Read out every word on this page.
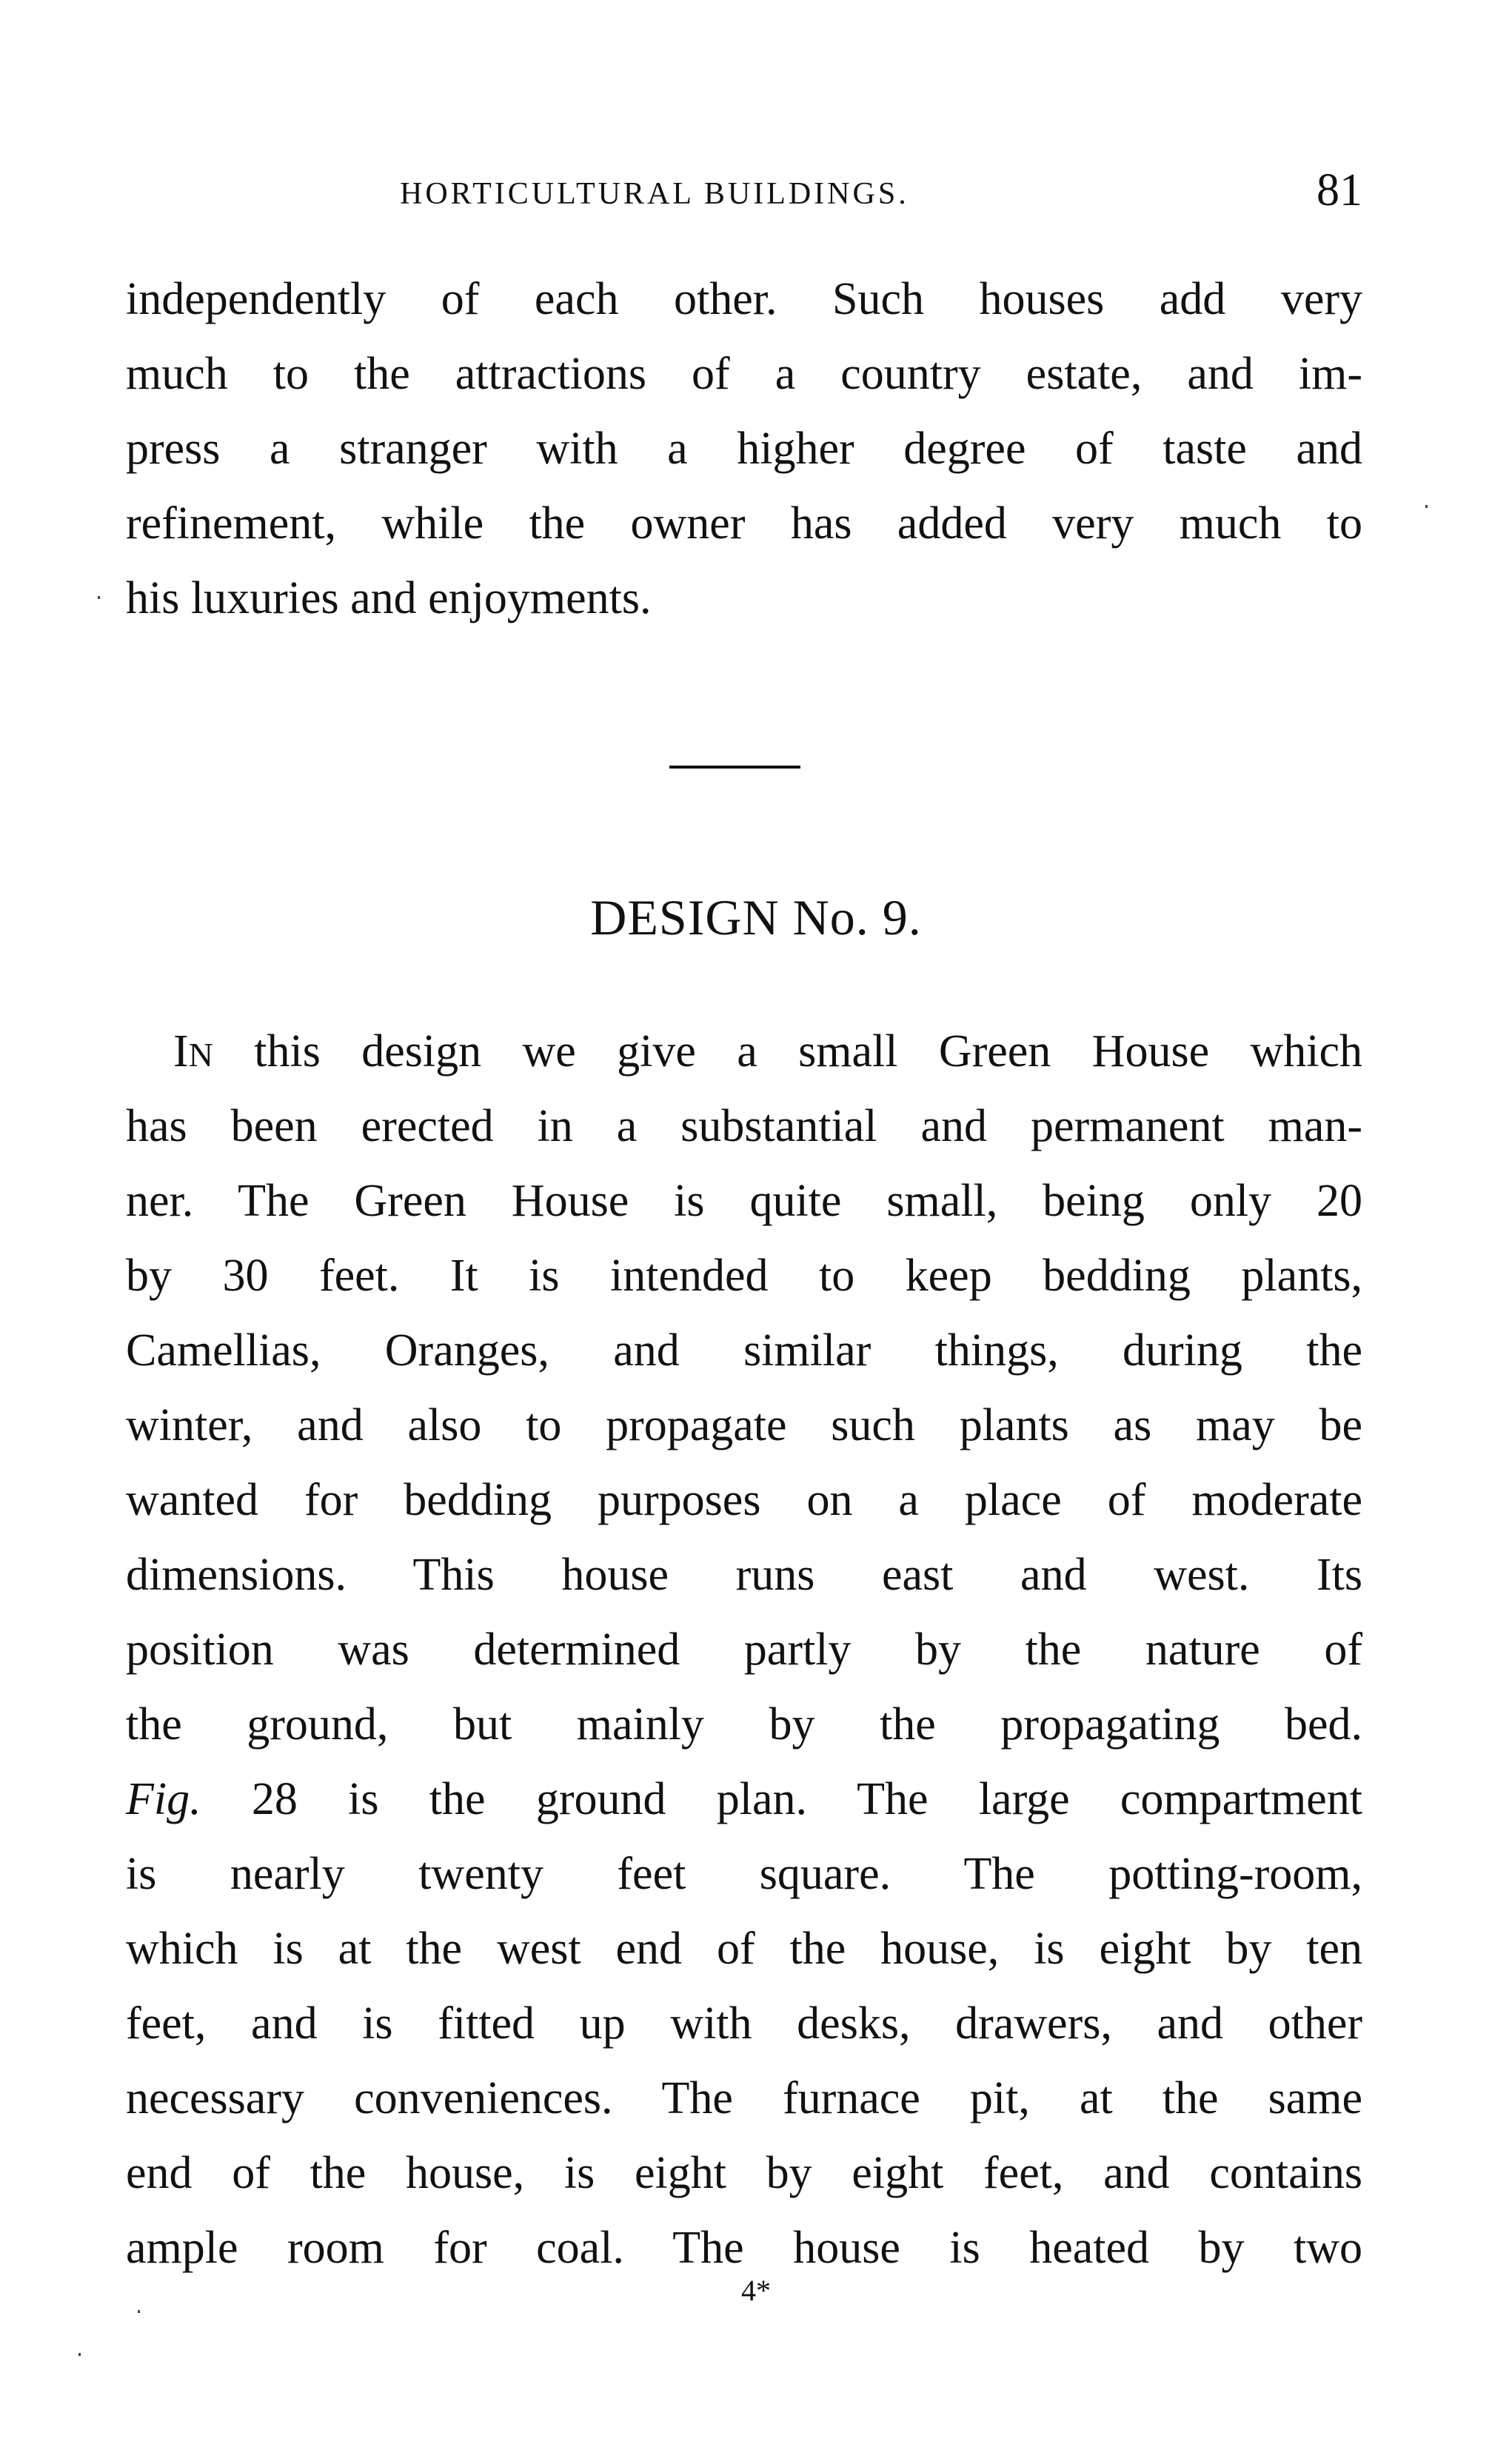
HORTICULTURAL BUILDINGS.	81
independently of each other. Such houses add very
much to the attractions of a country estate, and im-
press a stranger with a higher degree of taste and
refinement, while the owner has added very much to
his luxuries and enjoyments.
DESIGN No. 9.
IN this design we give a small Green House which
has been erected in a substantial and permanent man-
ner. The Green House is quite small, being only 20
by 30 feet. It is intended to keep bedding plants,
Camellias, Oranges, and similar things, during the
winter, and also to propagate such plants as may be
wanted for bedding purposes on a place of moderate
dimensions. This house runs east and west. Its
position was determined partly by the nature of
the ground, but mainly by the propagating bed.
Fig. 28 is the ground plan. The large compartment
is nearly twenty feet square. The potting-room,
which is at the west end of the house, is eight by ten
feet, and is fitted up with desks, drawers, and other
necessary conveniences. The furnace pit, at the same
end of the house, is eight by eight feet, and contains
ample room for coal. The house is heated by two
4*
